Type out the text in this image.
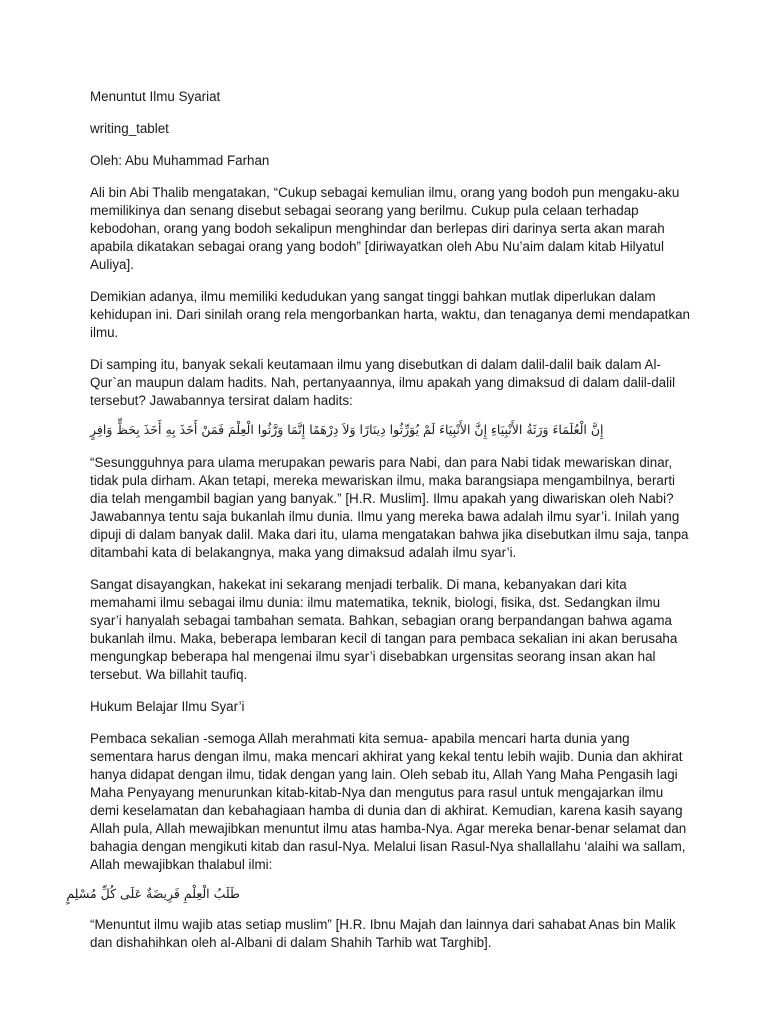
Menuntut Ilmu Syariat

writing_tablet

Oleh: Abu Muhammad Farhan

Ali bin Abi Thalib mengatakan, “Cukup sebagai kemulian ilmu, orang yang bodoh pun mengaku-aku memilikinya dan senang disebut sebagai seorang yang berilmu. Cukup pula celaan terhadap kebodohan, orang yang bodoh sekalipun menghindar dan berlepas diri darinya serta akan marah apabila dikatakan sebagai orang yang bodoh” [diriwayatkan oleh Abu Nu’aim dalam kitab Hilyatul Auliya].

Demikian adanya, ilmu memiliki kedudukan yang sangat tinggi bahkan mutlak diperlukan dalam kehidupan ini. Dari sinilah orang rela mengorbankan harta, waktu, dan tenaganya demi mendapatkan ilmu.

Di samping itu, banyak sekali keutamaan ilmu yang disebutkan di dalam dalil-dalil baik dalam Al-Qur`an maupun dalam hadits. Nah, pertanyaannya, ilmu apakah yang dimaksud di dalam dalil-dalil tersebut? Jawabannya tersirat dalam hadits:

إِنَّ الْعُلَمَاءَ وَرَثَةُ الأَنْبِيَاءِ إِنَّ الأَنْبِيَاءَ لَمْ يُوَرِّثُوا دِينَارًا وَلاَ دِرْهَمًا إِنَّمَا وَرَّثُوا الْعِلْمَ فَمَنْ أَخَذَ بِهِ أَخَذَ بِحَظٍّ وَافِرٍ

“Sesungguhnya para ulama merupakan pewaris para Nabi, dan para Nabi tidak mewariskan dinar, tidak pula dirham. Akan tetapi, mereka mewariskan ilmu, maka barangsiapa mengambilnya, berarti dia telah mengambil bagian yang banyak.” [H.R. Muslim]. Ilmu apakah yang diwariskan oleh Nabi? Jawabannya tentu saja bukanlah ilmu dunia. Ilmu yang mereka bawa adalah ilmu syar’i. Inilah yang dipuji di dalam banyak dalil. Maka dari itu, ulama mengatakan bahwa jika disebutkan ilmu saja, tanpa ditambahi kata di belakangnya, maka yang dimaksud adalah ilmu syar’i.

Sangat disayangkan, hakekat ini sekarang menjadi terbalik. Di mana, kebanyakan dari kita memahami ilmu sebagai ilmu dunia: ilmu matematika, teknik, biologi, fisika, dst. Sedangkan ilmu syar’i hanyalah sebagai tambahan semata. Bahkan, sebagian orang berpandangan bahwa agama bukanlah ilmu. Maka, beberapa lembaran kecil di tangan para pembaca sekalian ini akan berusaha mengungkap beberapa hal mengenai ilmu syar’i disebabkan urgensitas seorang insan akan hal tersebut. Wa billahit taufiq.

Hukum Belajar Ilmu Syar’i

Pembaca sekalian -semoga Allah merahmati kita semua- apabila mencari harta dunia yang sementara harus dengan ilmu, maka mencari akhirat yang kekal tentu lebih wajib. Dunia dan akhirat hanya didapat dengan ilmu, tidak dengan yang lain. Oleh sebab itu, Allah Yang Maha Pengasih lagi Maha Penyayang menurunkan kitab-kitab-Nya dan mengutus para rasul untuk mengajarkan ilmu demi keselamatan dan kebahagiaan hamba di dunia dan di akhirat. Kemudian, karena kasih sayang Allah pula, Allah mewajibkan menuntut ilmu atas hamba-Nya. Agar mereka benar-benar selamat dan bahagia dengan mengikuti kitab dan rasul-Nya. Melalui lisan Rasul-Nya shallallahu ‘alaihi wa sallam, Allah mewajibkan thalabul ilmi:

طَلَبُ الْعِلْمِ فَرِيضَةٌ عَلَى كُلِّ مُسْلِمٍ

“Menuntut ilmu wajib atas setiap muslim” [H.R. Ibnu Majah dan lainnya dari sahabat Anas bin Malik dan dishahihkan oleh al-Albani di dalam Shahih Tarhib wat Targhib].
